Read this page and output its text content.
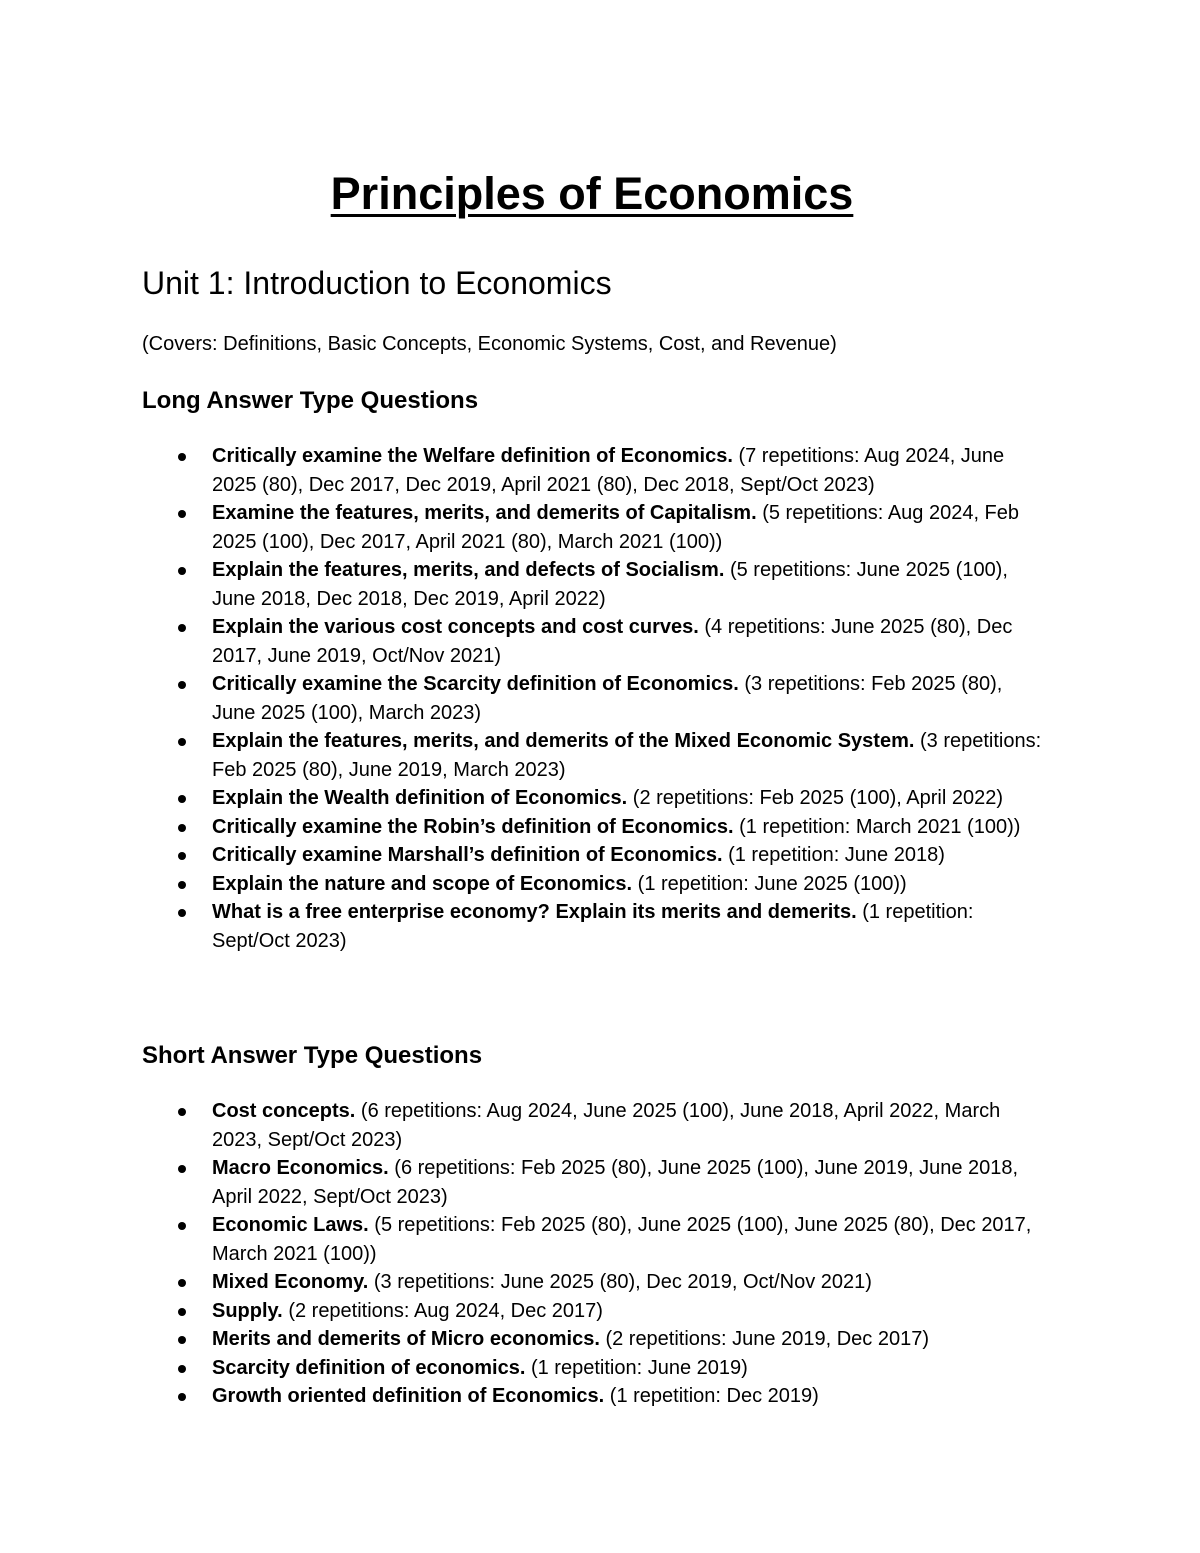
Principles of Economics
Unit 1: Introduction to Economics

(Covers: Definitions, Basic Concepts, Economic Systems, Cost, and Revenue)

Long Answer Type Questions
Critically examine the Welfare definition of Economics. (7 repetitions: Aug 2024, June 2025 (80), Dec 2017, Dec 2019, April 2021 (80), Dec 2018, Sept/Oct 2023)
Examine the features, merits, and demerits of Capitalism. (5 repetitions: Aug 2024, Feb 2025 (100), Dec 2017, April 2021 (80), March 2021 (100))
Explain the features, merits, and defects of Socialism. (5 repetitions: June 2025 (100), June 2018, Dec 2018, Dec 2019, April 2022)
Explain the various cost concepts and cost curves. (4 repetitions: June 2025 (80), Dec 2017, June 2019, Oct/Nov 2021)
Critically examine the Scarcity definition of Economics. (3 repetitions: Feb 2025 (80), June 2025 (100), March 2023)
Explain the features, merits, and demerits of the Mixed Economic System. (3 repetitions: Feb 2025 (80), June 2019, March 2023)
Explain the Wealth definition of Economics. (2 repetitions: Feb 2025 (100), April 2022)
Critically examine the Robin’s definition of Economics. (1 repetition: March 2021 (100))
Critically examine Marshall’s definition of Economics. (1 repetition: June 2018)
Explain the nature and scope of Economics. (1 repetition: June 2025 (100))
What is a free enterprise economy? Explain its merits and demerits. (1 repetition: Sept/Oct 2023)
Short Answer Type Questions
Cost concepts. (6 repetitions: Aug 2024, June 2025 (100), June 2018, April 2022, March 2023, Sept/Oct 2023)
Macro Economics. (6 repetitions: Feb 2025 (80), June 2025 (100), June 2019, June 2018, April 2022, Sept/Oct 2023)
Economic Laws. (5 repetitions: Feb 2025 (80), June 2025 (100), June 2025 (80), Dec 2017, March 2021 (100))
Mixed Economy. (3 repetitions: June 2025 (80), Dec 2019, Oct/Nov 2021)
Supply. (2 repetitions: Aug 2024, Dec 2017)
Merits and demerits of Micro economics. (2 repetitions: June 2019, Dec 2017)
Scarcity definition of economics. (1 repetition: June 2019)
Growth oriented definition of Economics. (1 repetition: Dec 2019)
